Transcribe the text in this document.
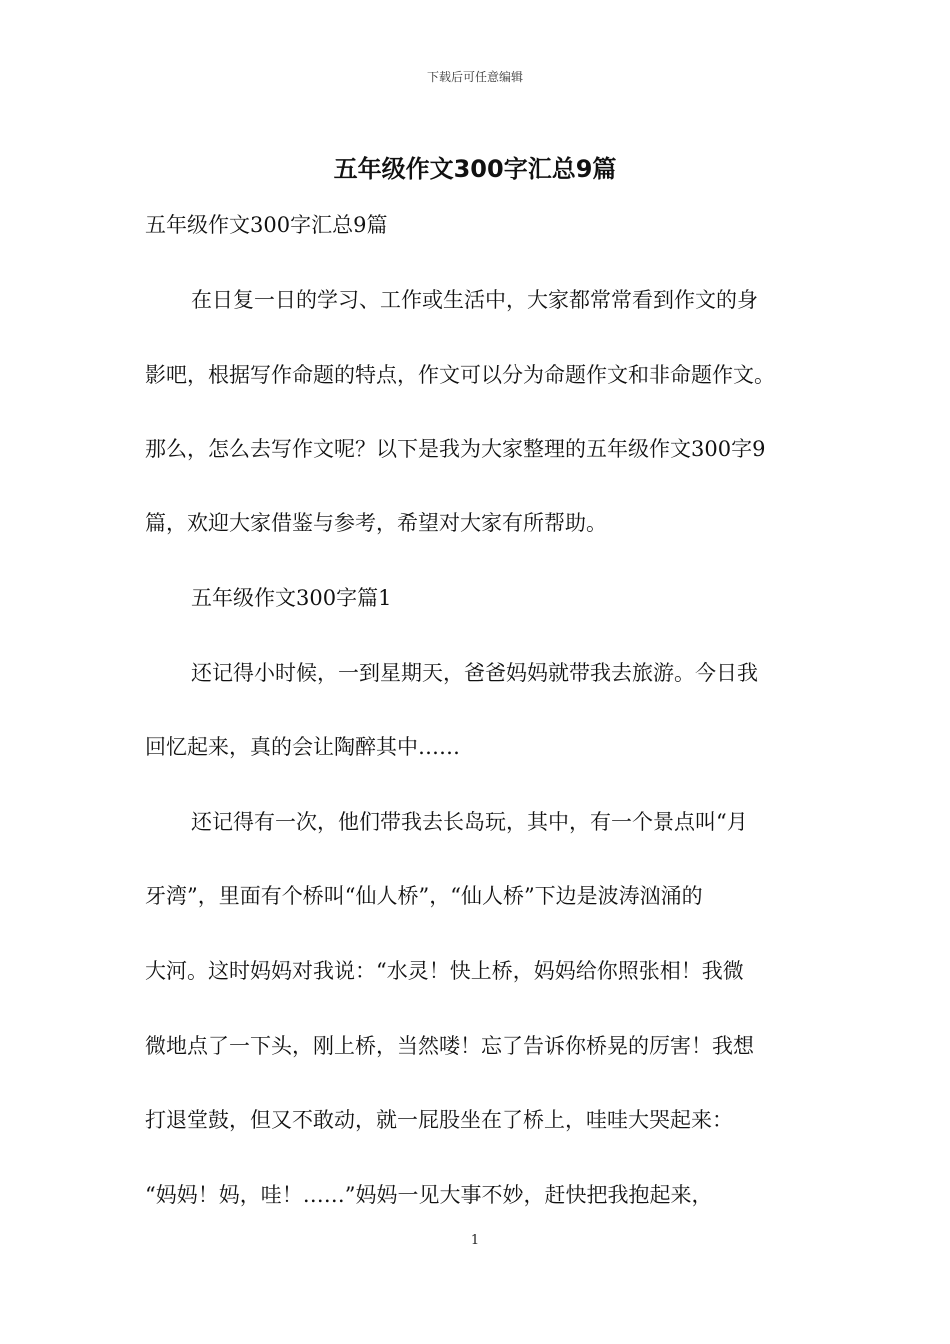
下载后可任意编辑
五年级作文300字汇总9篇
五年级作文300字汇总9篇
在日复一日的学习、工作或生活中，大家都常常看到作文的身
影吧，根据写作命题的特点，作文可以分为命题作文和非命题作文。
那么，怎么去写作文呢？以下是我为大家整理的五年级作文300字9
篇，欢迎大家借鉴与参考，希望对大家有所帮助。
五年级作文300字篇1
还记得小时候，一到星期天，爸爸妈妈就带我去旅游。今日我
回忆起来，真的会让陶醉其中……
还记得有一次，他们带我去长岛玩，其中，有一个景点叫“月
牙湾”，里面有个桥叫“仙人桥”，“仙人桥”下边是波涛汹涌的
大河。这时妈妈对我说：“水灵！快上桥，妈妈给你照张相！我微
微地点了一下头，刚上桥，当然喽！忘了告诉你桥晃的厉害！我想
打退堂鼓，但又不敢动，就一屁股坐在了桥上，哇哇大哭起来：
“妈妈！妈，哇！……”妈妈一见大事不妙，赶快把我抱起来，
1
